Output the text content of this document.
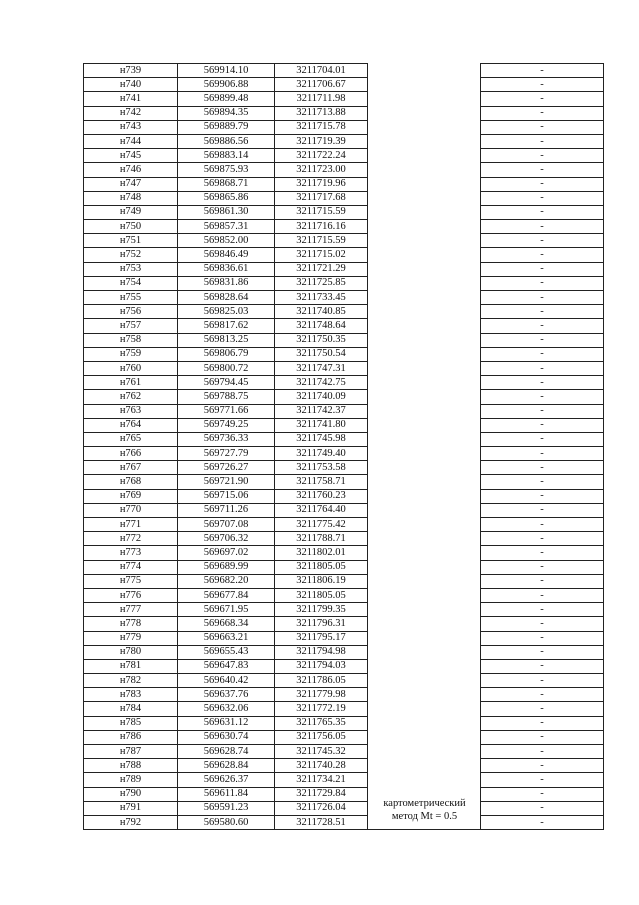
н739	569914.10	3211704.01		-
н740	569906.88	3211706.67		-
н741	569899.48	3211711.98		-
н742	569894.35	3211713.88		-
н743	569889.79	3211715.78		-
н744	569886.56	3211719.39		-
н745	569883.14	3211722.24		-
н746	569875.93	3211723.00		-
н747	569868.71	3211719.96		-
н748	569865.86	3211717.68		-
н749	569861.30	3211715.59		-
н750	569857.31	3211716.16		-
н751	569852.00	3211715.59		-
н752	569846.49	3211715.02		-
н753	569836.61	3211721.29		-
н754	569831.86	3211725.85		-
н755	569828.64	3211733.45		-
н756	569825.03	3211740.85		-
н757	569817.62	3211748.64		-
н758	569813.25	3211750.35		-
н759	569806.79	3211750.54		-
н760	569800.72	3211747.31		-
н761	569794.45	3211742.75		-
н762	569788.75	3211740.09		-
н763	569771.66	3211742.37		-
н764	569749.25	3211741.80		-
н765	569736.33	3211745.98		-
н766	569727.79	3211749.40		-
н767	569726.27	3211753.58		-
н768	569721.90	3211758.71		-
н769	569715.06	3211760.23		-
н770	569711.26	3211764.40		-
н771	569707.08	3211775.42		-
н772	569706.32	3211788.71		-
н773	569697.02	3211802.01		-
н774	569689.99	3211805.05		-
н775	569682.20	3211806.19		-
н776	569677.84	3211805.05		-
н777	569671.95	3211799.35		-
н778	569668.34	3211796.31		-
н779	569663.21	3211795.17		-
н780	569655.43	3211794.98		-
н781	569647.83	3211794.03		-
н782	569640.42	3211786.05		-
н783	569637.76	3211779.98		-
н784	569632.06	3211772.19		-
н785	569631.12	3211765.35		-
н786	569630.74	3211756.05		-
н787	569628.74	3211745.32		-
н788	569628.84	3211740.28		-
н789	569626.37	3211734.21		-
н790	569611.84	3211729.84		-
н791	569591.23	3211726.04		-
н792	569580.60	3211728.51		-
картометрический
метод Mt = 0.5
